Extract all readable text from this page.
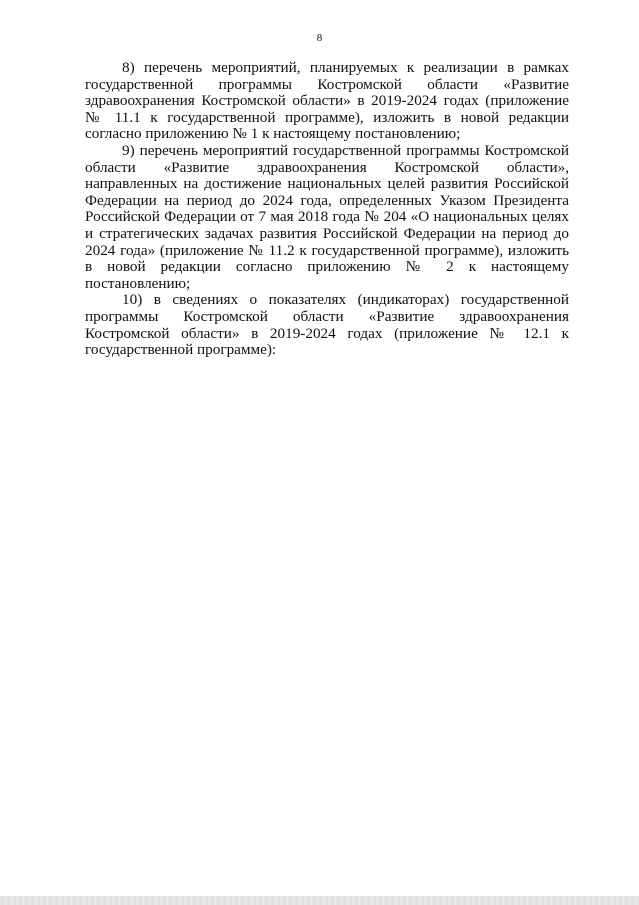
8

8) перечень мероприятий, планируемых к реализации в рамках государственной программы Костромской области «Развитие здравоохранения Костромской области» в 2019-2024 годах (приложение № 11.1 к государственной программе), изложить в новой редакции согласно приложению № 1 к настоящему постановлению;

9) перечень мероприятий государственной программы Костромской области «Развитие здравоохранения Костромской области», направленных на достижение национальных целей развития Российской Федерации на период до 2024 года, определенных Указом Президента Российской Федерации от 7 мая 2018 года № 204 «О национальных целях и стратегических задачах развития Российской Федерации на период до 2024 года» (приложение № 11.2 к государственной программе), изложить в новой редакции согласно приложению № 2 к настоящему постановлению;

10) в сведениях о показателях (индикаторах) государственной программы Костромской области «Развитие здравоохранения Костромской области» в 2019-2024 годах (приложение № 12.1 к государственной программе):
